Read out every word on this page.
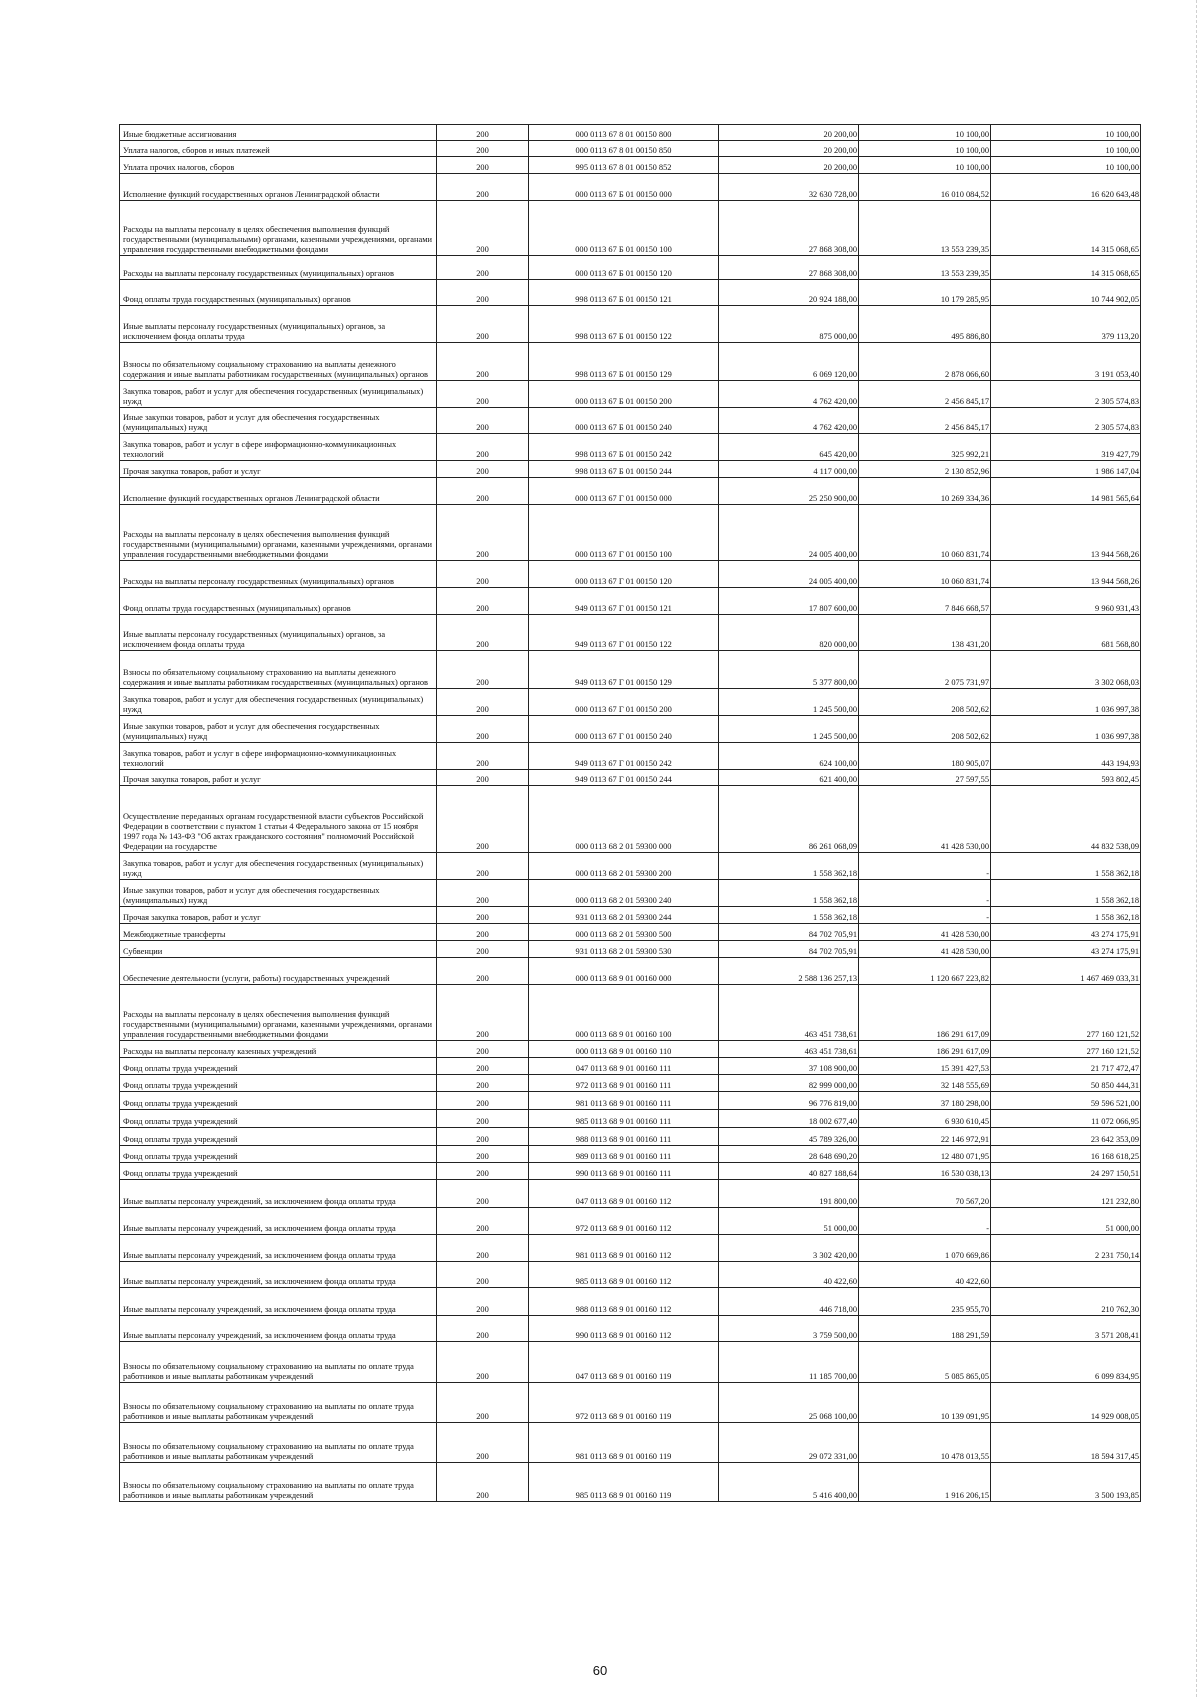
Иные бюджетные ассигнования	200	000 0113 67 8 01 00150 800	20 200,00	10 100,00	10 100,00
Уплата налогов, сборов и иных платежей	200	000 0113 67 8 01 00150 850	20 200,00	10 100,00	10 100,00
Уплата прочих налогов, сборов	200	995 0113 67 8 01 00150 852	20 200,00	10 100,00	10 100,00
Исполнение функций государственных органов Ленинградской области	200	000 0113 67 Б 01 00150 000	32 630 728,00	16 010 084,52	16 620 643,48
Расходы на выплаты персоналу в целях обеспечения выполнения функций государственными (муниципальными) органами, казенными учреждениями, органами управления государственными внебюджетными фондами	200	000 0113 67 Б 01 00150 100	27 868 308,00	13 553 239,35	14 315 068,65
Расходы на выплаты персоналу государственных (муниципальных) органов	200	000 0113 67 Б 01 00150 120	27 868 308,00	13 553 239,35	14 315 068,65
Фонд оплаты труда государственных (муниципальных) органов	200	998 0113 67 Б 01 00150 121	20 924 188,00	10 179 285,95	10 744 902,05
Иные выплаты персоналу государственных (муниципальных) органов, за исключением фонда оплаты труда	200	998 0113 67 Б 01 00150 122	875 000,00	495 886,80	379 113,20
Взносы по обязательному социальному страхованию на выплаты денежного содержания и иные выплаты работникам государственных (муниципальных) органов	200	998 0113 67 Б 01 00150 129	6 069 120,00	2 878 066,60	3 191 053,40
Закупка товаров, работ и услуг для обеспечения государственных (муниципальных) нужд	200	000 0113 67 Б 01 00150 200	4 762 420,00	2 456 845,17	2 305 574,83
Иные закупки товаров, работ и услуг для обеспечения государственных (муниципальных) нужд	200	000 0113 67 Б 01 00150 240	4 762 420,00	2 456 845,17	2 305 574,83
Закупка товаров, работ и услуг в сфере информационно-коммуникационных технологий	200	998 0113 67 Б 01 00150 242	645 420,00	325 992,21	319 427,79
Прочая закупка товаров, работ и услуг	200	998 0113 67 Б 01 00150 244	4 117 000,00	2 130 852,96	1 986 147,04
Исполнение функций государственных органов Ленинградской области	200	000 0113 67 Г 01 00150 000	25 250 900,00	10 269 334,36	14 981 565,64
Расходы на выплаты персоналу в целях обеспечения выполнения функций государственными (муниципальными) органами, казенными учреждениями, органами управления государственными внебюджетными фондами	200	000 0113 67 Г 01 00150 100	24 005 400,00	10 060 831,74	13 944 568,26
Расходы на выплаты персоналу государственных (муниципальных) органов	200	000 0113 67 Г 01 00150 120	24 005 400,00	10 060 831,74	13 944 568,26
Фонд оплаты труда государственных (муниципальных) органов	200	949 0113 67 Г 01 00150 121	17 807 600,00	7 846 668,57	9 960 931,43
Иные выплаты персоналу государственных (муниципальных) органов, за исключением фонда оплаты труда	200	949 0113 67 Г 01 00150 122	820 000,00	138 431,20	681 568,80
Взносы по обязательному социальному страхованию на выплаты денежного содержания и иные выплаты работникам государственных (муниципальных) органов	200	949 0113 67 Г 01 00150 129	5 377 800,00	2 075 731,97	3 302 068,03
Закупка товаров, работ и услуг для обеспечения государственных (муниципальных) нужд	200	000 0113 67 Г 01 00150 200	1 245 500,00	208 502,62	1 036 997,38
Иные закупки товаров, работ и услуг для обеспечения государственных (муниципальных) нужд	200	000 0113 67 Г 01 00150 240	1 245 500,00	208 502,62	1 036 997,38
Закупка товаров, работ и услуг в сфере информационно-коммуникационных технологий	200	949 0113 67 Г 01 00150 242	624 100,00	180 905,07	443 194,93
Прочая закупка товаров, работ и услуг	200	949 0113 67 Г 01 00150 244	621 400,00	27 597,55	593 802,45
Осуществление переданных органам государственной власти субъектов Российской Федерации в соответствии с пунктом 1 статьи 4 Федерального закона от 15 ноября 1997 года № 143-ФЗ "Об актах гражданского состояния" полномочий Российской Федерации на государстве	200	000 0113 68 2 01 59300 000	86 261 068,09	41 428 530,00	44 832 538,09
Закупка товаров, работ и услуг для обеспечения государственных (муниципальных) нужд	200	000 0113 68 2 01 59300 200	1 558 362,18	-	1 558 362,18
Иные закупки товаров, работ и услуг для обеспечения государственных (муниципальных) нужд	200	000 0113 68 2 01 59300 240	1 558 362,18	-	1 558 362,18
Прочая закупка товаров, работ и услуг	200	931 0113 68 2 01 59300 244	1 558 362,18	-	1 558 362,18
Межбюджетные трансферты	200	000 0113 68 2 01 59300 500	84 702 705,91	41 428 530,00	43 274 175,91
Субвенции	200	931 0113 68 2 01 59300 530	84 702 705,91	41 428 530,00	43 274 175,91
Обеспечение деятельности (услуги, работы) государственных учреждений	200	000 0113 68 9 01 00160 000	2 588 136 257,13	1 120 667 223,82	1 467 469 033,31
Расходы на выплаты персоналу в целях обеспечения выполнения функций государственными (муниципальными) органами, казенными учреждениями, органами управления государственными внебюджетными фондами	200	000 0113 68 9 01 00160 100	463 451 738,61	186 291 617,09	277 160 121,52
Расходы на выплаты персоналу казенных учреждений	200	000 0113 68 9 01 00160 110	463 451 738,61	186 291 617,09	277 160 121,52
Фонд оплаты труда учреждений	200	047 0113 68 9 01 00160 111	37 108 900,00	15 391 427,53	21 717 472,47
Фонд оплаты труда учреждений	200	972 0113 68 9 01 00160 111	82 999 000,00	32 148 555,69	50 850 444,31
Фонд оплаты труда учреждений	200	981 0113 68 9 01 00160 111	96 776 819,00	37 180 298,00	59 596 521,00
Фонд оплаты труда учреждений	200	985 0113 68 9 01 00160 111	18 002 677,40	6 930 610,45	11 072 066,95
Фонд оплаты труда учреждений	200	988 0113 68 9 01 00160 111	45 789 326,00	22 146 972,91	23 642 353,09
Фонд оплаты труда учреждений	200	989 0113 68 9 01 00160 111	28 648 690,20	12 480 071,95	16 168 618,25
Фонд оплаты труда учреждений	200	990 0113 68 9 01 00160 111	40 827 188,64	16 530 038,13	24 297 150,51
Иные выплаты персоналу учреждений, за исключением фонда оплаты труда	200	047 0113 68 9 01 00160 112	191 800,00	70 567,20	121 232,80
Иные выплаты персоналу учреждений, за исключением фонда оплаты труда	200	972 0113 68 9 01 00160 112	51 000,00	-	51 000,00
Иные выплаты персоналу учреждений, за исключением фонда оплаты труда	200	981 0113 68 9 01 00160 112	3 302 420,00	1 070 669,86	2 231 750,14
Иные выплаты персоналу учреждений, за исключением фонда оплаты труда	200	985 0113 68 9 01 00160 112	40 422,60	40 422,60	
Иные выплаты персоналу учреждений, за исключением фонда оплаты труда	200	988 0113 68 9 01 00160 112	446 718,00	235 955,70	210 762,30
Иные выплаты персоналу учреждений, за исключением фонда оплаты труда	200	990 0113 68 9 01 00160 112	3 759 500,00	188 291,59	3 571 208,41
Взносы по обязательному социальному страхованию на выплаты по оплате труда работников и иные выплаты работникам учреждений	200	047 0113 68 9 01 00160 119	11 185 700,00	5 085 865,05	6 099 834,95
Взносы по обязательному социальному страхованию на выплаты по оплате труда работников и иные выплаты работникам учреждений	200	972 0113 68 9 01 00160 119	25 068 100,00	10 139 091,95	14 929 008,05
Взносы по обязательному социальному страхованию на выплаты по оплате труда работников и иные выплаты работникам учреждений	200	981 0113 68 9 01 00160 119	29 072 331,00	10 478 013,55	18 594 317,45
Взносы по обязательному социальному страхованию на выплаты по оплате труда работников и иные выплаты работникам учреждений	200	985 0113 68 9 01 00160 119	5 416 400,00	1 916 206,15	3 500 193,85
60
